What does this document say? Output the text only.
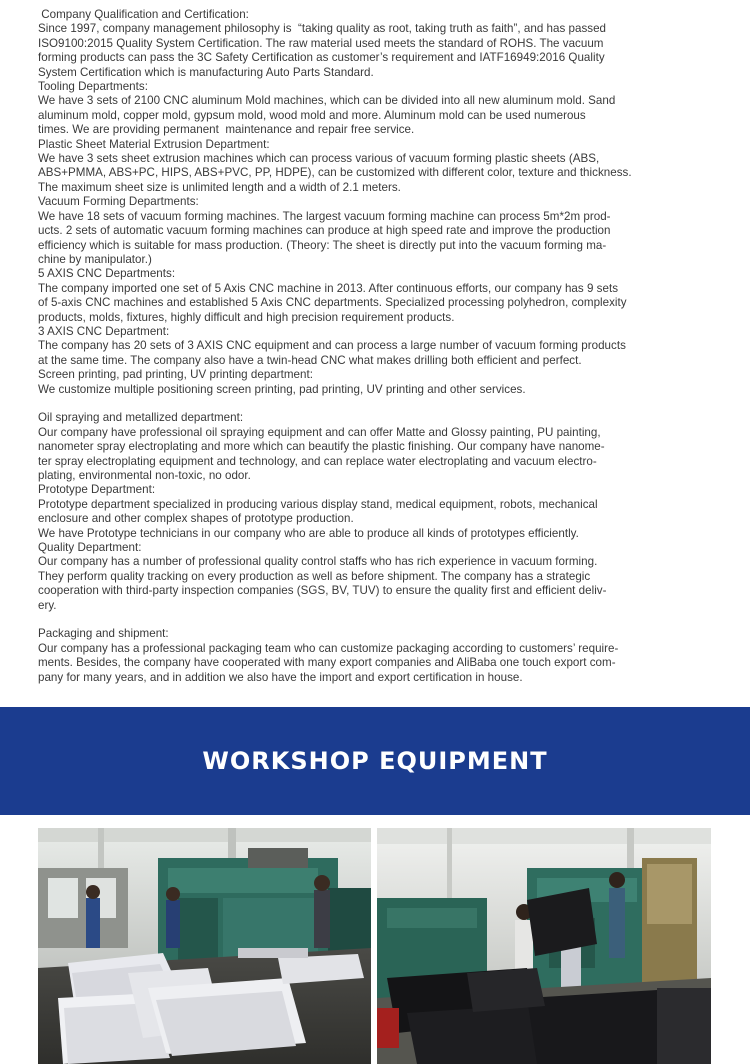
Company Qualification and Certification:

Since 1997, company management philosophy is  “taking quality as root, taking truth as faith”, and has passed

ISO9100:2015 Quality System Certification. The raw material used meets the standard of ROHS. The vacuum

forming products can pass the 3C Safety Certification as customer’s requirement and IATF16949:2016 Quality

System Certification which is manufacturing Auto Parts Standard.

Tooling Departments:

We have 3 sets of 2100 CNC aluminum Mold machines, which can be divided into all new aluminum mold. Sand

aluminum mold, copper mold, gypsum mold, wood mold and more. Aluminum mold can be used numerous

times. We are providing permanent  maintenance and repair free service.

Plastic Sheet Material Extrusion Department:

We have 3 sets sheet extrusion machines which can process various of vacuum forming plastic sheets (ABS,

ABS+PMMA, ABS+PC, HIPS, ABS+PVC, PP, HDPE), can be customized with different color, texture and thickness.

The maximum sheet size is unlimited length and a width of 2.1 meters.

Vacuum Forming Departments:

We have 18 sets of vacuum forming machines. The largest vacuum forming machine can process 5m*2m prod-

ucts. 2 sets of automatic vacuum forming machines can produce at high speed rate and improve the production

efficiency which is suitable for mass production. (Theory: The sheet is directly put into the vacuum forming ma-

chine by manipulator.)

5 AXIS CNC Departments:

The company imported one set of 5 Axis CNC machine in 2013. After continuous efforts, our company has 9 sets

of 5-axis CNC machines and established 5 Axis CNC departments. Specialized processing polyhedron, complexity

products, molds, fixtures, highly difficult and high precision requirement products.

3 AXIS CNC Department:

The company has 20 sets of 3 AXIS CNC equipment and can process a large number of vacuum forming products

at the same time. The company also have a twin-head CNC what makes drilling both efficient and perfect.

Screen printing, pad printing, UV printing department:

We customize multiple positioning screen printing, pad printing, UV printing and other services.

Oil spraying and metallized department:

Our company have professional oil spraying equipment and can offer Matte and Glossy painting, PU painting,

nanometer spray electroplating and more which can beautify the plastic finishing. Our company have nanome-

ter spray electroplating equipment and technology, and can replace water electroplating and vacuum electro-

plating, environmental non-toxic, no odor.

Prototype Department:

Prototype department specialized in producing various display stand, medical equipment, robots, mechanical

enclosure and other complex shapes of prototype production.

We have Prototype technicians in our company who are able to produce all kinds of prototypes efficiently.

Quality Department:

Our company has a number of professional quality control staffs who has rich experience in vacuum forming.

They perform quality tracking on every production as well as before shipment. The company has a strategic

cooperation with third-party inspection companies (SGS, BV, TUV) to ensure the quality first and efficient deliv-

ery.

Packaging and shipment:

Our company has a professional packaging team who can customize packaging according to customers’ require-

ments. Besides, the company have cooperated with many export companies and AliBaba one touch export com-

pany for many years, and in addition we also have the import and export certification in house.

WORKSHOP EQUIPMENT
